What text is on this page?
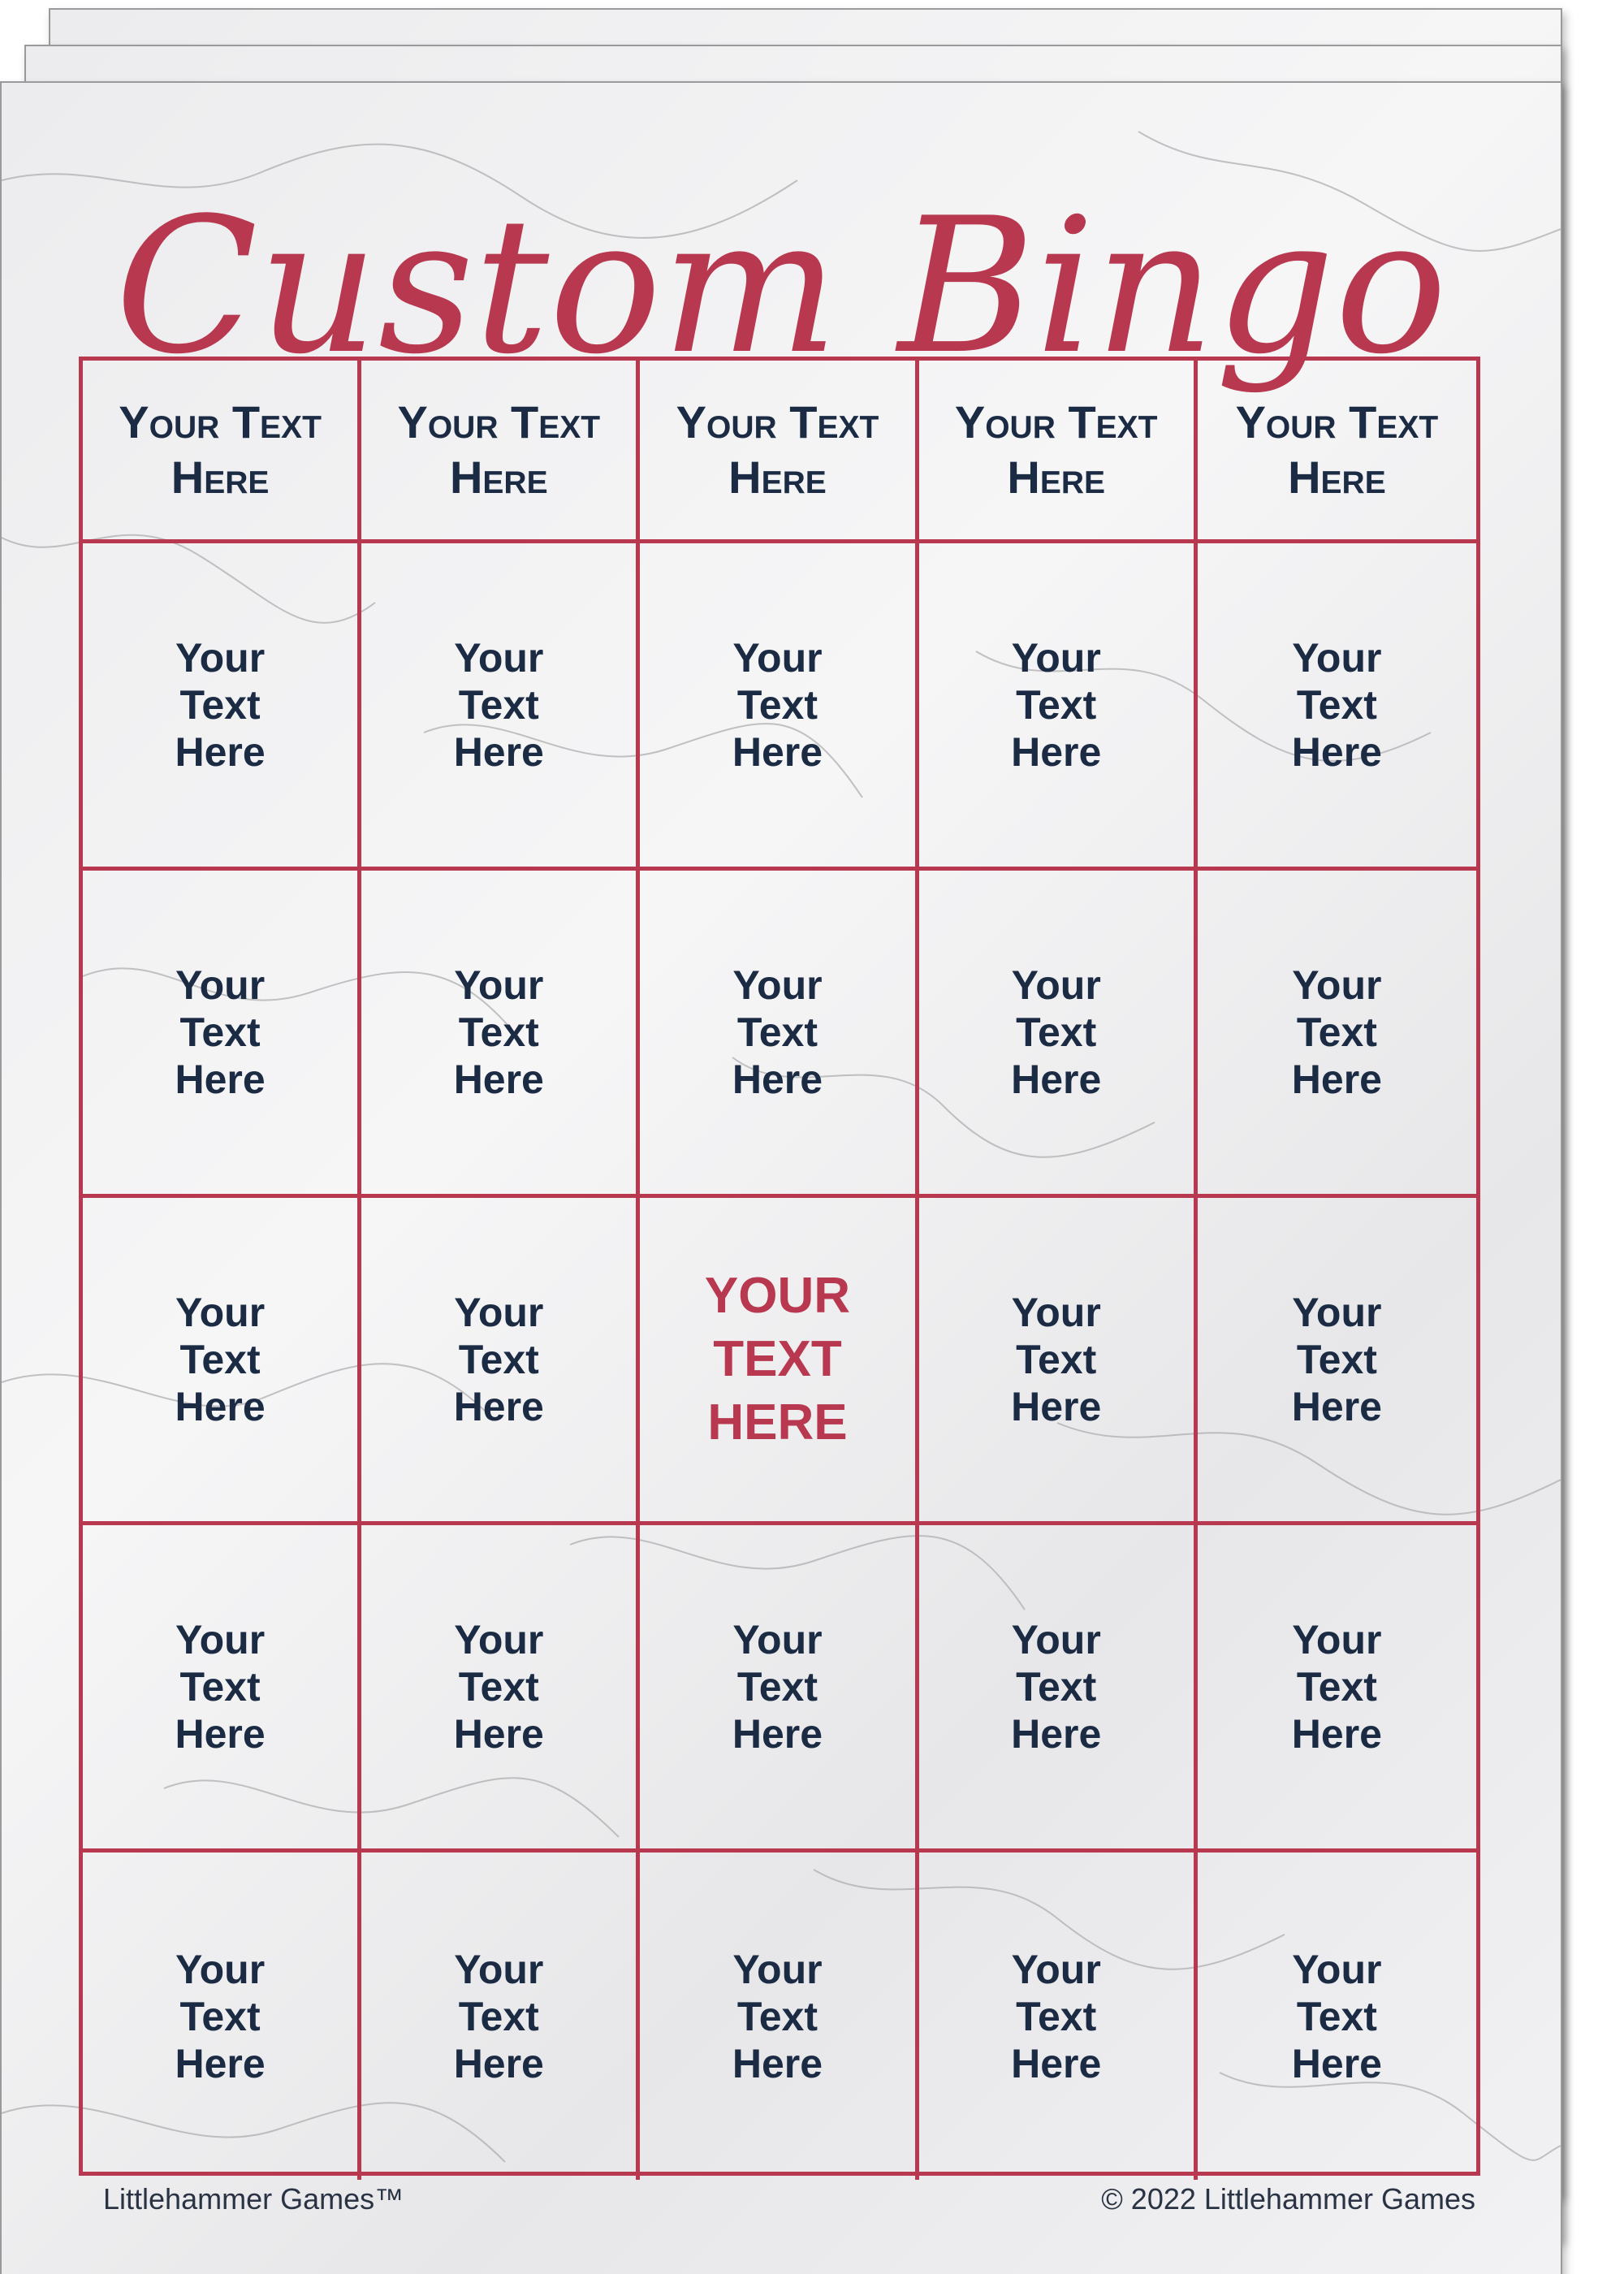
Custom Bingo
Your Text
Here
Your Text
Here
Your Text
Here
Your Text
Here
Your Text
Here
Your
Text
Here
Your
Text
Here
Your
Text
Here
Your
Text
Here
Your
Text
Here
Your
Text
Here
Your
Text
Here
Your
Text
Here
Your
Text
Here
Your
Text
Here
Your
Text
Here
Your
Text
Here
YOUR
TEXT
HERE
Your
Text
Here
Your
Text
Here
Your
Text
Here
Your
Text
Here
Your
Text
Here
Your
Text
Here
Your
Text
Here
Your
Text
Here
Your
Text
Here
Your
Text
Here
Your
Text
Here
Your
Text
Here
Littlehammer Games™	© 2022 Littlehammer Games
